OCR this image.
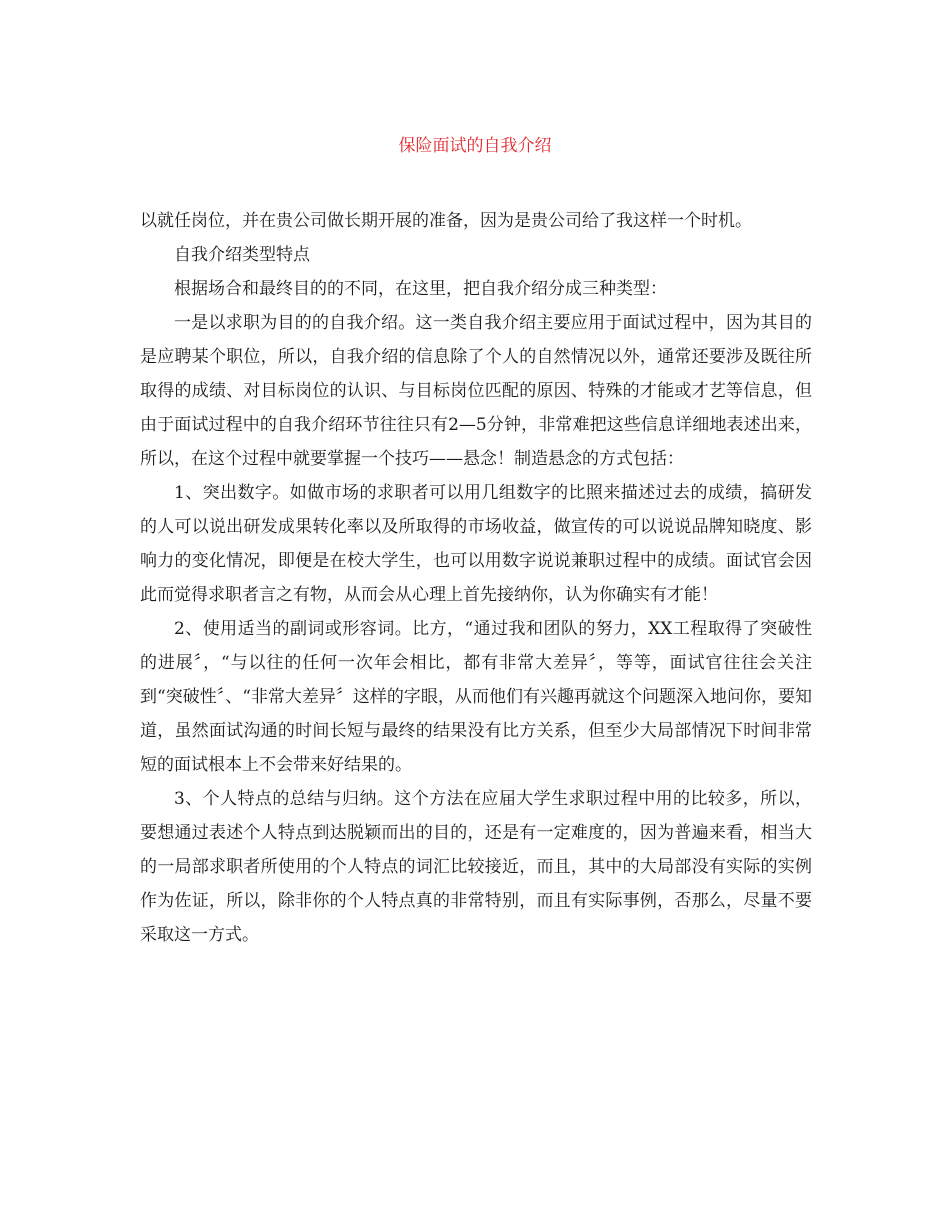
保险面试的自我介绍

以就任岗位，并在贵公司做长期开展的准备，因为是贵公司给了我这样一个时机。

自我介绍类型特点

根据场合和最终目的的不同，在这里，把自我介绍分成三种类型：

一是以求职为目的的自我介绍。这一类自我介绍主要应用于面试过程中，因为其目的是应聘某个职位，所以，自我介绍的信息除了个人的自然情况以外，通常还要涉及既往所取得的成绩、对目标岗位的认识、与目标岗位匹配的原因、特殊的才能或才艺等信息，但由于面试过程中的自我介绍环节往往只有2—5分钟，非常难把这些信息详细地表述出来，所以，在这个过程中就要掌握一个技巧——悬念！制造悬念的方式包括：

1、突出数字。如做市场的求职者可以用几组数字的比照来描述过去的成绩，搞研发的人可以说出研发成果转化率以及所取得的市场收益，做宣传的可以说说品牌知晓度、影响力的变化情况，即便是在校大学生，也可以用数字说说兼职过程中的成绩。面试官会因此而觉得求职者言之有物，从而会从心理上首先接纳你，认为你确实有才能！

2、使用适当的副词或形容词。比方，“通过我和团队的努力，XX工程取得了突破性的进展〞，“与以往的任何一次年会相比，都有非常大差异〞，等等，面试官往往会关注到“突破性〞、“非常大差异〞这样的字眼，从而他们有兴趣再就这个问题深入地问你，要知道，虽然面试沟通的时间长短与最终的结果没有比方关系，但至少大局部情况下时间非常短的面试根本上不会带来好结果的。

3、个人特点的总结与归纳。这个方法在应届大学生求职过程中用的比较多，所以，要想通过表述个人特点到达脱颖而出的目的，还是有一定难度的，因为普遍来看，相当大的一局部求职者所使用的个人特点的词汇比较接近，而且，其中的大局部没有实际的实例作为佐证，所以，除非你的个人特点真的非常特别，而且有实际事例，否那么，尽量不要采取这一方式。
